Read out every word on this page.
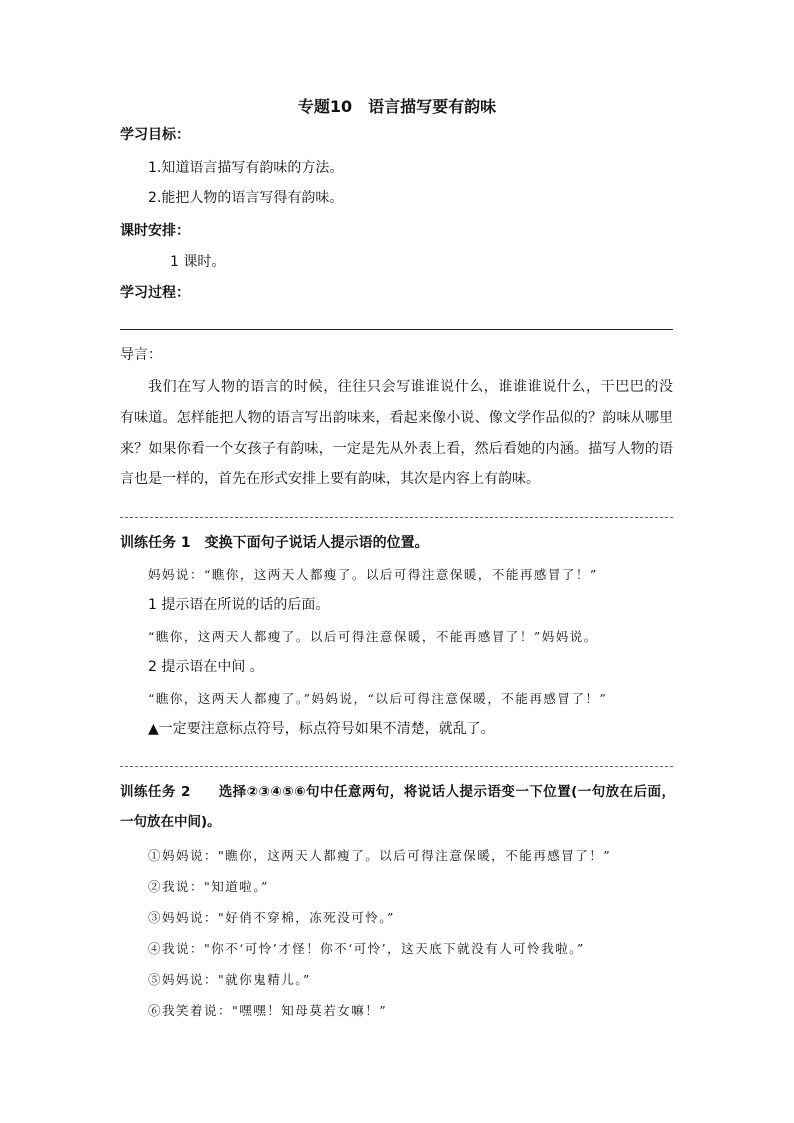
专题10　语言描写要有韵味
学习目标：
1.知道语言描写有韵味的方法。
2.能把人物的语言写得有韵味。
课时安排：
1 课时。
学习过程：
导言：
我们在写人物的语言的时候，往往只会写谁谁说什么，谁谁谁说什么，干巴巴的没
有味道。怎样能把人物的语言写出韵味来，看起来像小说、像文学作品似的？韵味从哪里
来？如果你看一个女孩子有韵味，一定是先从外表上看，然后看她的内涵。描写人物的语
言也是一样的，首先在形式安排上要有韵味，其次是内容上有韵味。
训练任务 1　变换下面句子说话人提示语的位置。
妈妈说：“瞧你，这两天人都瘦了。以后可得注意保暖，不能再感冒了！”
1 提示语在所说的话的后面。
“瞧你，这两天人都瘦了。以后可得注意保暖，不能再感冒了！”妈妈说。
2 提示语在中间 。
“瞧你，这两天人都瘦了。”妈妈说，“以后可得注意保暖，不能再感冒了！”
▲一定要注意标点符号，标点符号如果不清楚，就乱了。
训练任务 2　　选择②③④⑤⑥句中任意两句，将说话人提示语变一下位置(一句放在后面，
一句放在中间)。
①妈妈说："瞧你，这两天人都瘦了。以后可得注意保暖，不能再感冒了！”
②我说："知道啦。”
③妈妈说："好俏不穿棉，冻死没可怜。”
④我说："你不‘可怜’才怪！你不‘可怜’，这天底下就没有人可怜我啦。”
⑤妈妈说："就你鬼精儿。”
⑥我笑着说："嘿嘿！知母莫若女嘛！”
